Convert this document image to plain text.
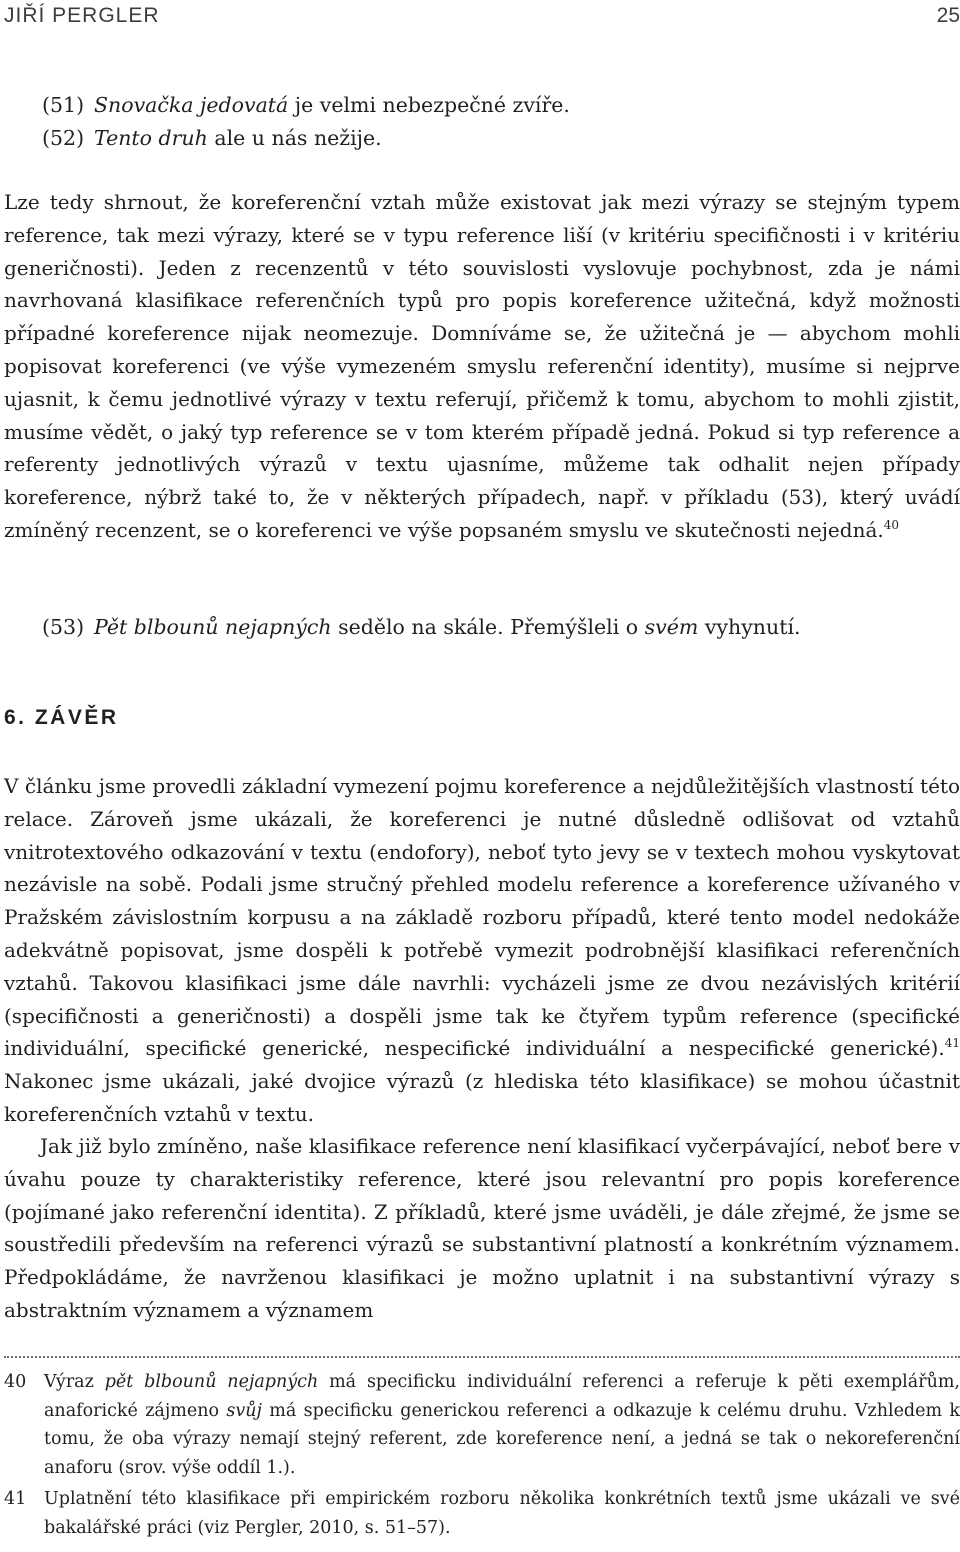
JIŘÍ PERGLER	25
(51) Snovačka jedovatá je velmi nebezpečné zvíře.
(52) Tento druh ale u nás nežije.
Lze tedy shrnout, že koreferenční vztah může existovat jak mezi výrazy se stejným typem reference, tak mezi výrazy, které se v typu reference liší (v kritériu specifičnosti i v kritériu generičnosti). Jeden z recenzentů v této souvislosti vyslovuje pochybnost, zda je námi navrhovaná klasifikace referenčních typů pro popis koreference užitečná, když možnosti případné koreference nijak neomezuje. Domníváme se, že užitečná je — abychom mohli popisovat koreferenci (ve výše vymezeném smyslu referenční identity), musíme si nejprve ujasnit, k čemu jednotlivé výrazy v textu referují, přičemž k tomu, abychom to mohli zjistit, musíme vědět, o jaký typ reference se v tom kterém případě jedná. Pokud si typ reference a referenty jednotlivých výrazů v textu ujasníme, můžeme tak odhalit nejen případy koreference, nýbrž také to, že v některých případech, např. v příkladu (53), který uvádí zmíněný recenzent, se o koreferenci ve výše popsaném smyslu ve skutečnosti nejedná.$^{40}$
(53) Pět blbounů nejapných sedělo na skále. Přemýšleli o svém vyhynutí.
6. ZÁVĚR
V článku jsme provedli základní vymezení pojmu koreference a nejdůležitějších vlastností této relace. Zároveň jsme ukázali, že koreferenci je nutné důsledně odlišovat od vztahů vnitrotextového odkazování v textu (endofory), neboť tyto jevy se v textech mohou vyskytovat nezávisle na sobě. Podali jsme stručný přehled modelu reference a koreference užívaného v Pražském závislostním korpusu a na základě rozboru případů, které tento model nedokáže adekvátně popisovat, jsme dospěli k potřebě vymezit podrobnější klasifikaci referenčních vztahů. Takovou klasifikaci jsme dále navrhli: vycházeli jsme ze dvou nezávislých kritérií (specifičnosti a generičnosti) a dospěli jsme tak ke čtyřem typům reference (specifické individuální, specifické generické, nespecifické individuální a nespecifické generické).$^{41}$ Nakonec jsme ukázali, jaké dvojice výrazů (z hlediska této klasifikace) se mohou účastnit koreferenčních vztahů v textu.
Jak již bylo zmíněno, naše klasifikace reference není klasifikací vyčerpávající, neboť bere v úvahu pouze ty charakteristiky reference, které jsou relevantní pro popis koreference (pojímané jako referenční identita). Z příkladů, které jsme uváděli, je dále zřejmé, že jsme se soustředili především na referenci výrazů se substantivní platností a konkrétním významem. Předpokládáme, že navrženou klasifikaci je možno uplatnit i na substantivní výrazy s abstraktním významem a významem
40	Výraz pět blbounů nejapných má specificku individuální referenci a referuje k pěti exemplářům, anaforické zájmeno svůj má specificku generickou referenci a odkazuje k celému druhu. Vzhledem k tomu, že oba výrazy nemají stejný referent, zde koreference není, a jedná se tak o nekoreferenční anaforu (srov. výše oddíl 1.).
41	Uplatnění této klasifikace při empirickém rozboru několika konkrétních textů jsme ukázali ve své bakalářské práci (viz Pergler, 2010, s. 51–57).
